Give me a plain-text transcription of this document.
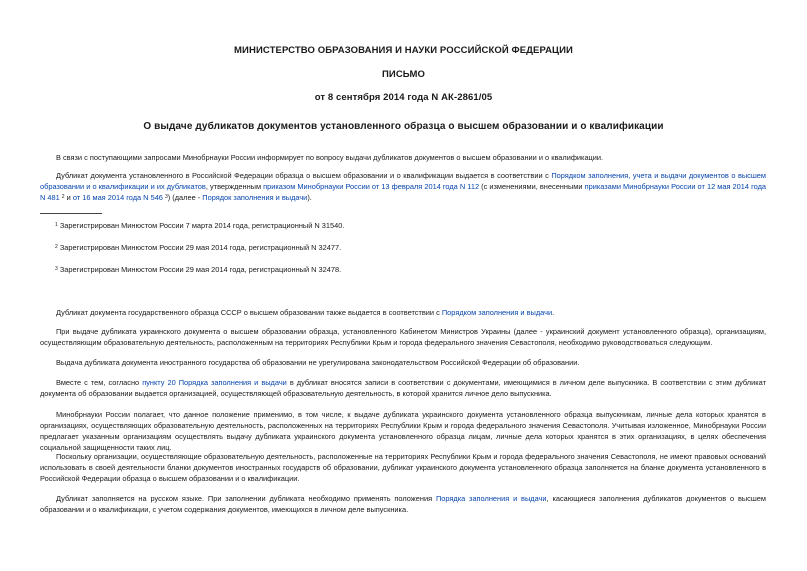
МИНИСТЕРСТВО ОБРАЗОВАНИЯ И НАУКИ РОССИЙСКОЙ ФЕДЕРАЦИИ
ПИСЬМО
от 8 сентября 2014 года N АК-2861/05
О выдаче дубликатов документов установленного образца о высшем образовании и о квалификации
В связи с поступающими запросами Минобрнауки России информирует по вопросу выдачи дубликатов документов о высшем образовании и о квалификации.
Дубликат документа установленного в Российской Федерации образца о высшем образовании и о квалификации выдается в соответствии с Порядком заполнения, учета и выдачи документов о высшем образовании и о квалификации и их дубликатов, утвержденным приказом Минобрнауки России от 13 февраля 2014 года N 112 (с изменениями, внесенными приказами Минобрнауки России от 12 мая 2014 года N 481 $^2$ и от 16 мая 2014 года N 546 $^3$) (далее - Порядок заполнения и выдачи).
$^1$ Зарегистрирован Минюстом России 7 марта 2014 года, регистрационный N 31540.
$^2$ Зарегистрирован Минюстом России 29 мая 2014 года, регистрационный N 32477.
$^3$ Зарегистрирован Минюстом России 29 мая 2014 года, регистрационный N 32478.
Дубликат документа государственного образца СССР о высшем образовании также выдается в соответствии с Порядком заполнения и выдачи.
При выдаче дубликата украинского документа о высшем образовании образца, установленного Кабинетом Министров Украины (далее - украинский документ установленного образца), организациям, осуществляющим образовательную деятельность, расположенным на территориях Республики Крым и города федерального значения Севастополя, необходимо руководствоваться следующим.
Выдача дубликата документа иностранного государства об образовании не урегулирована законодательством Российской Федерации об образовании.
Вместе с тем, согласно пункту 20 Порядка заполнения и выдачи в дубликат вносятся записи в соответствии с документами, имеющимися в личном деле выпускника. В соответствии с этим дубликат документа об образовании выдается организацией, осуществляющей образовательную деятельность, в которой хранится личное дело выпускника.
Минобрнауки России полагает, что данное положение применимо, в том числе, к выдаче дубликата украинского документа установленного образца выпускникам, личные дела которых хранятся в организациях, осуществляющих образовательную деятельность, расположенных на территориях Республики Крым и города федерального значения Севастополя. Учитывая изложенное, Минобрнауки России предлагает указанным организациям осуществлять выдачу дубликата украинского документа установленного образца лицам, личные дела которых хранятся в этих организациях, в целях обеспечения социальной защищенности таких лиц.
Поскольку организации, осуществляющие образовательную деятельность, расположенные на территориях Республики Крым и города федерального значения Севастополя, не имеют правовых оснований использовать в своей деятельности бланки документов иностранных государств об образовании, дубликат украинского документа установленного образца заполняется на бланке документа установленного в Российской Федерации образца о высшем образовании и о квалификации.
Дубликат заполняется на русском языке. При заполнении дубликата необходимо применять положения Порядка заполнения и выдачи, касающиеся заполнения дубликатов документов о высшем образовании и о квалификации, с учетом содержания документов, имеющихся в личном деле выпускника.
